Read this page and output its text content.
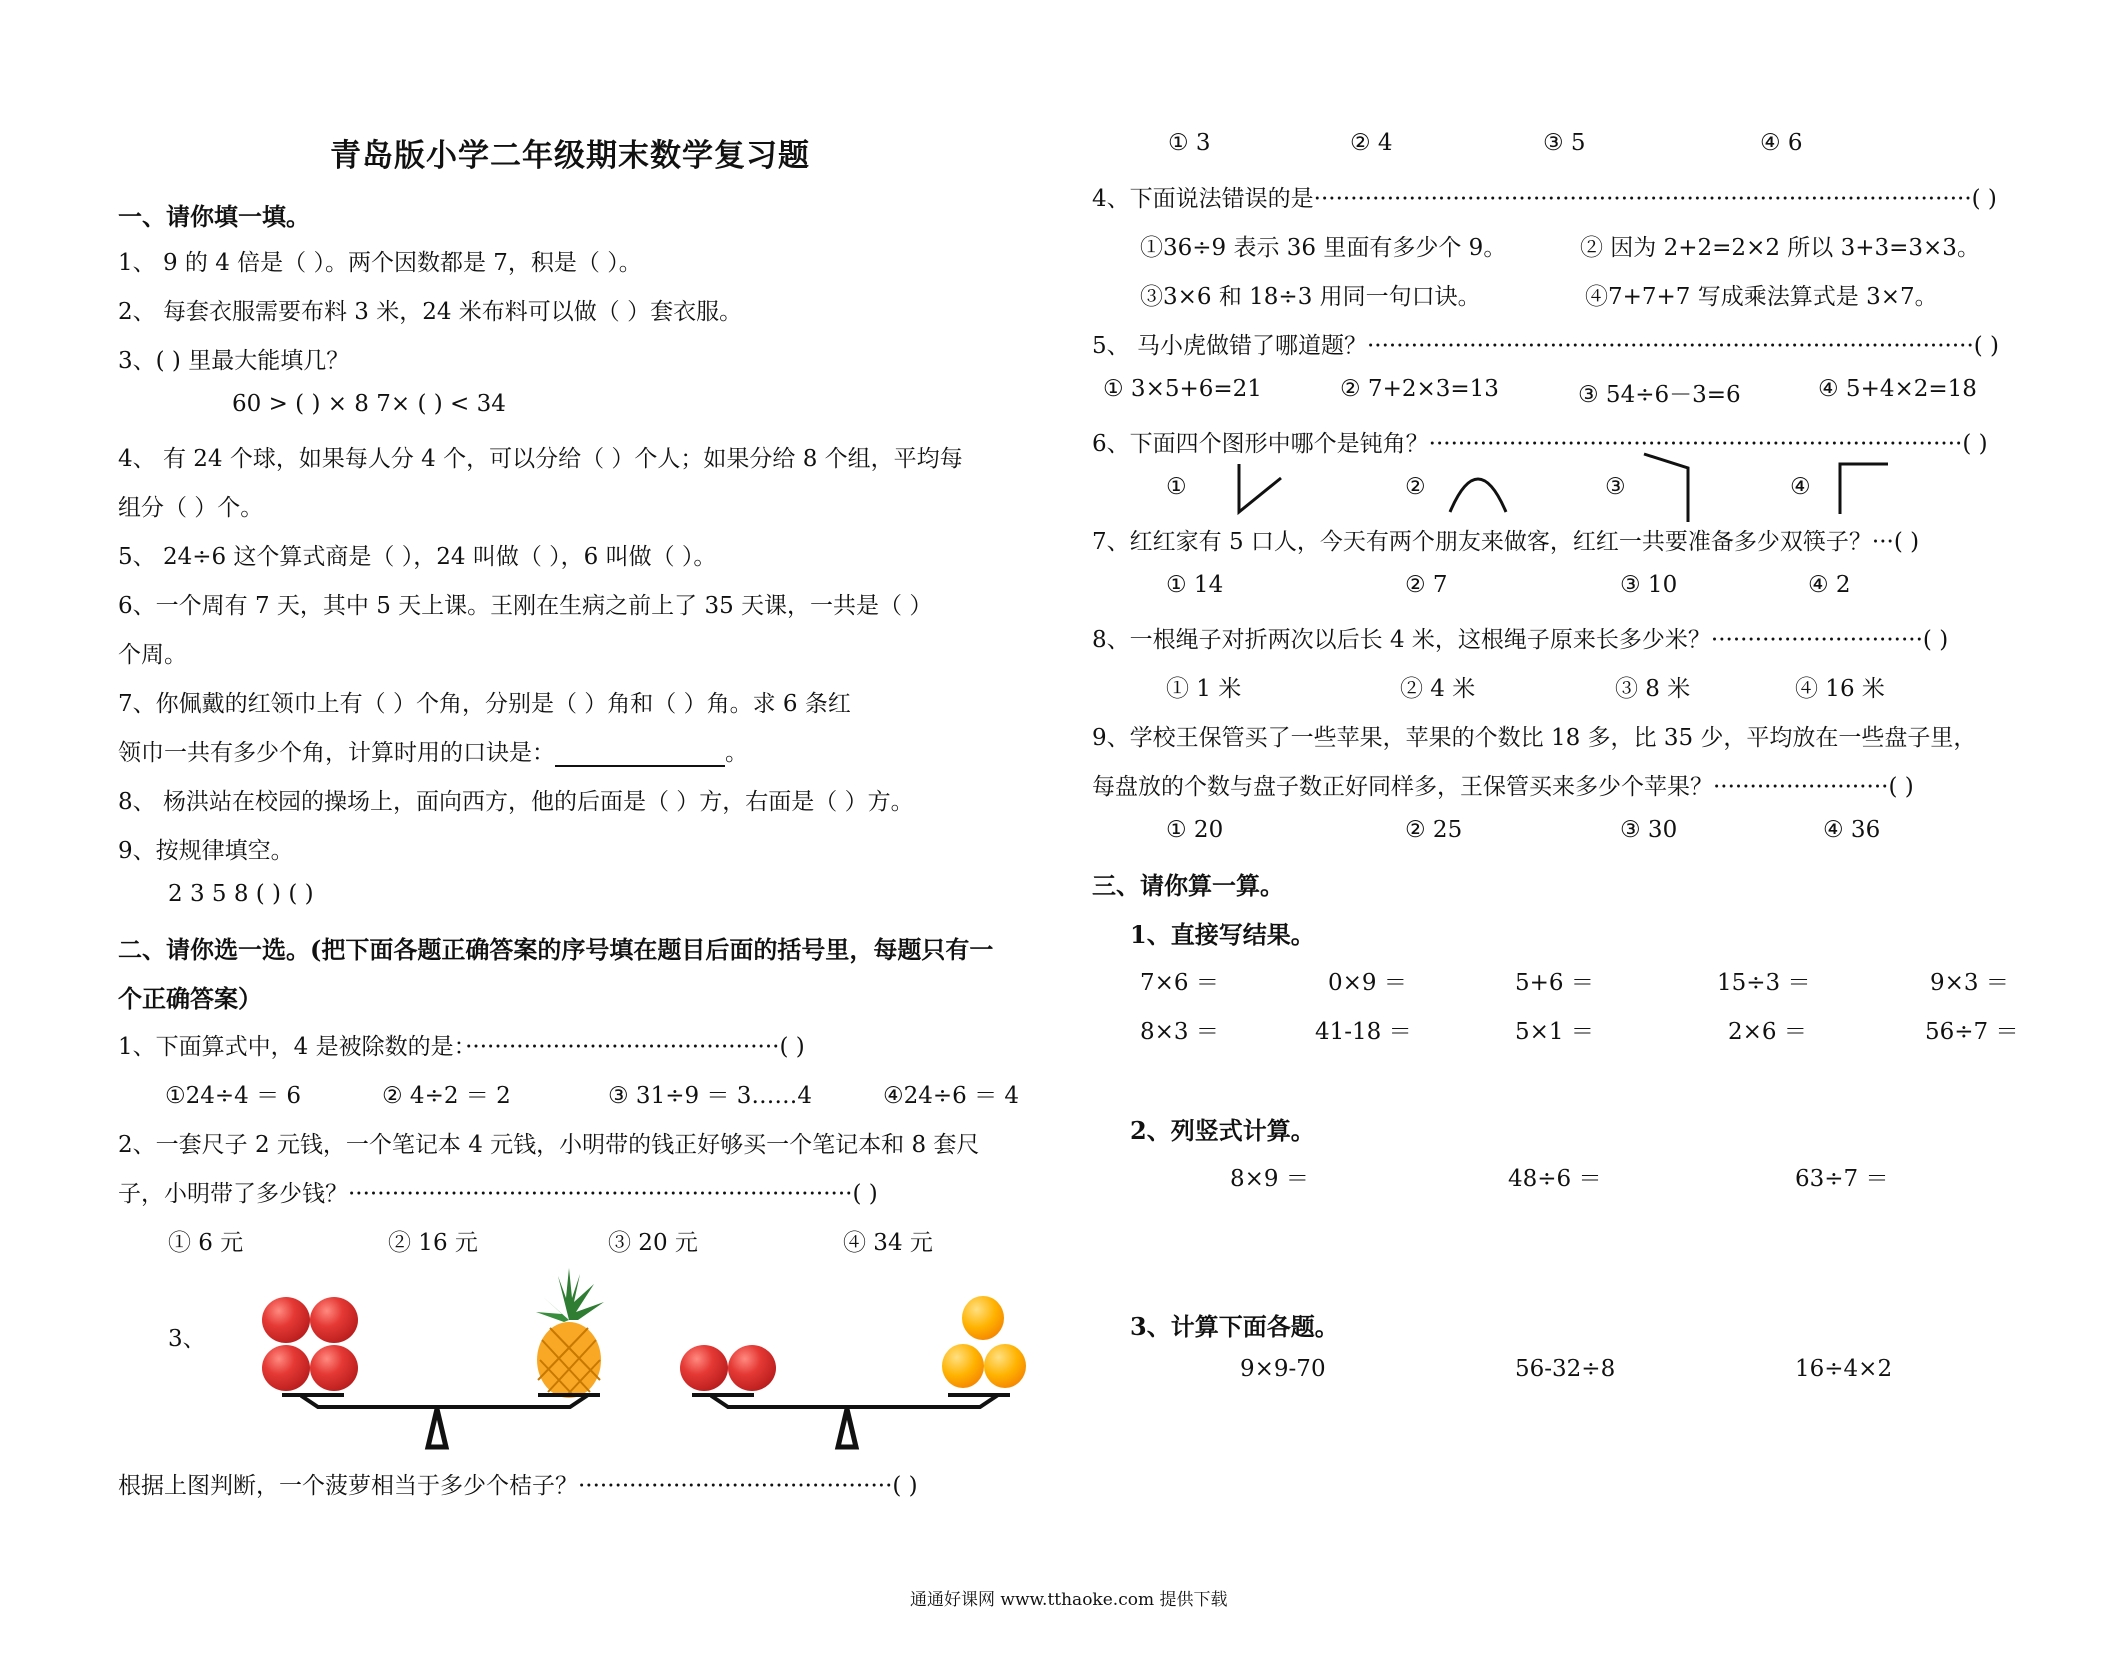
青岛版小学二年级期末数学复习题
一、请你填一填。
1、 9 的 4 倍是（ ）。两个因数都是 7，积是（ ）。
2、 每套衣服需要布料 3 米，24 米布料可以做（ ）套衣服。
3、( ) 里最大能填几？
60 > ( ) × 8 7× ( ) < 34
4、 有 24 个球，如果每人分 4 个，可以分给（ ）个人；如果分给 8 个组，平均每
组分（ ）个。
5、 24÷6 这个算式商是（ ），24 叫做（ ），6 叫做（ ）。
6、一个周有 7 天，其中 5 天上课。王刚在生病之前上了 35 天课，一共是（ ）
个周。
7、你佩戴的红领巾上有（ ）个角，分别是（ ）角和（ ）角。求 6 条红
领巾一共有多少个角，计算时用的口诀是：	。
8、 杨洪站在校园的操场上，面向西方，他的后面是（ ）方，右面是（ ）方。
9、按规律填空。
2 3 5 8 ( ) ( )
二、请你选一选。(把下面各题正确答案的序号填在题目后面的括号里，每题只有一
个正确答案）
1、下面算式中，4 是被除数的是：···········································( )
①24÷4 ＝ 6	② 4÷2 ＝ 2	③ 31÷9 ＝ 3……4	④24÷6 ＝ 4
2、一套尺子 2 元钱，一个笔记本 4 元钱，小明带的钱正好够买一个笔记本和 8 套尺
子，小明带了多少钱？·····································································( )
① 6 元	② 16 元	③ 20 元	④ 34 元
3、
根据上图判断，一个菠萝相当于多少个桔子？···········································( )
① 3	② 4	③ 5	④ 6
4、下面说法错误的是··························································································( )
①36÷9 表示 36 里面有多少个 9。	② 因为 2+2=2×2 所以 3+3=3×3。
③3×6 和 18÷3 用同一句口诀。	④7+7+7 写成乘法算式是 3×7。
5、 马小虎做错了哪道题？···················································································( )
① 3×5+6=21	② 7+2×3=13	③ 54÷6－3=6	④ 5+4×2=18
6、下面四个图形中哪个是钝角？·········································································( )
①	②	③	④
7、红红家有 5 口人，今天有两个朋友来做客，红红一共要准备多少双筷子？···( )
① 14	② 7	③ 10	④ 2
8、一根绳子对折两次以后长 4 米，这根绳子原来长多少米？·····························( )
① 1 米	② 4 米	③ 8 米	④ 16 米
9、学校王保管买了一些苹果，苹果的个数比 18 多，比 35 少，平均放在一些盘子里，
每盘放的个数与盘子数正好同样多，王保管买来多少个苹果？························( )
① 20	② 25	③ 30	④ 36
三、请你算一算。
1、直接写结果。
7×6 ＝	0×9 ＝	5+6 ＝	15÷3 ＝	9×3 ＝
8×3 ＝	41-18 ＝	5×1 ＝	2×6 ＝	56÷7 ＝
2、列竖式计算。
8×9 ＝	48÷6 ＝	63÷7 ＝
3、计算下面各题。
9×9-70	56-32÷8	16÷4×2
通通好课网 www.tthaoke.com 提供下载
